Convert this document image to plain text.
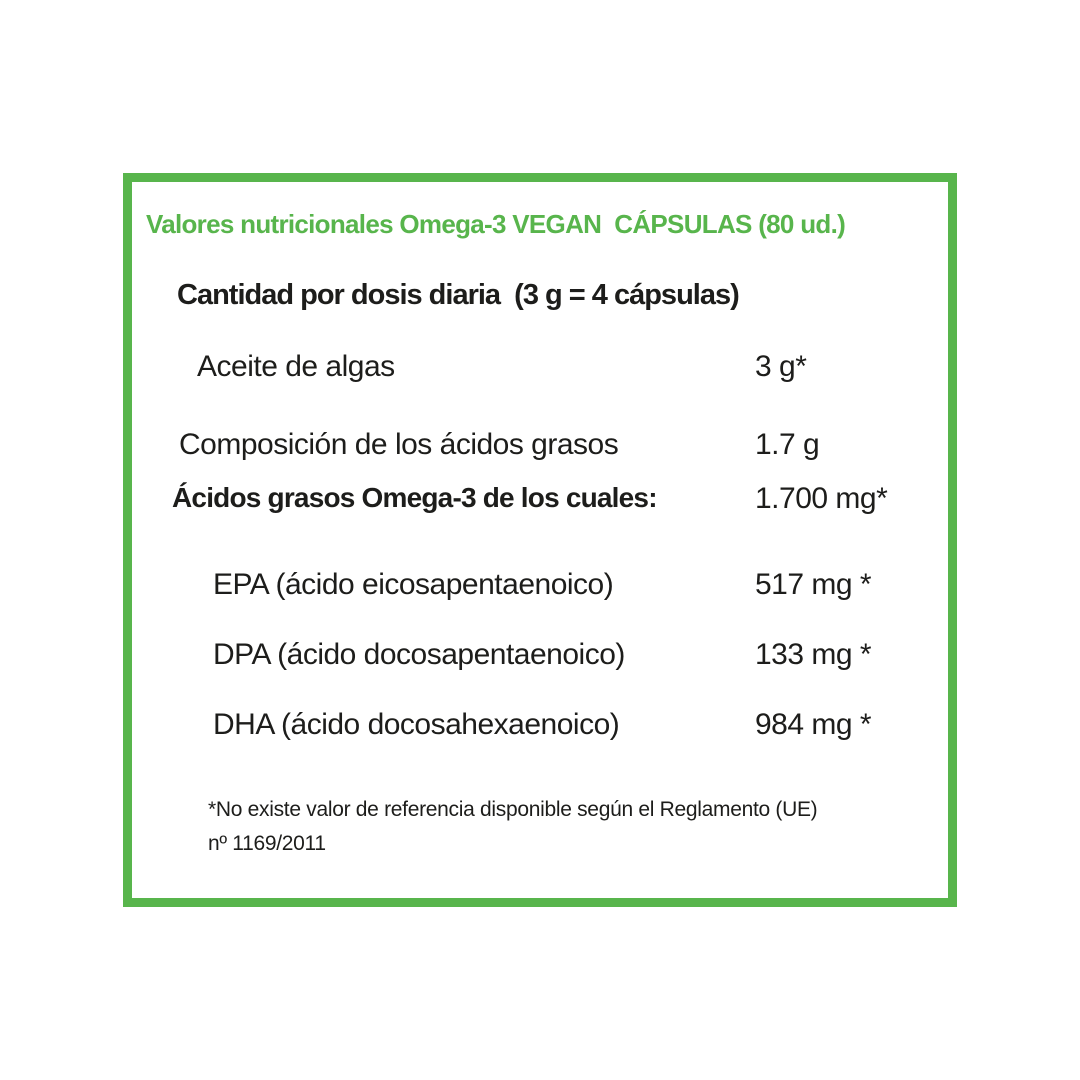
Valores nutricionales Omega-3 VEGAN  CÁPSULAS (80 ud.)
Cantidad por dosis diaria  (3 g = 4 cápsulas)
Aceite de algas	3 g*
Composición de los ácidos grasos	1.7 g
Ácidos grasos Omega-3 de los cuales:	1.700 mg*
EPA (ácido eicosapentaenoico)	517 mg *
DPA (ácido docosapentaenoico)	133 mg *
DHA (ácido docosahexaenoico)	984 mg *
*No existe valor de referencia disponible según el Reglamento (UE)
nº 1169/2011
